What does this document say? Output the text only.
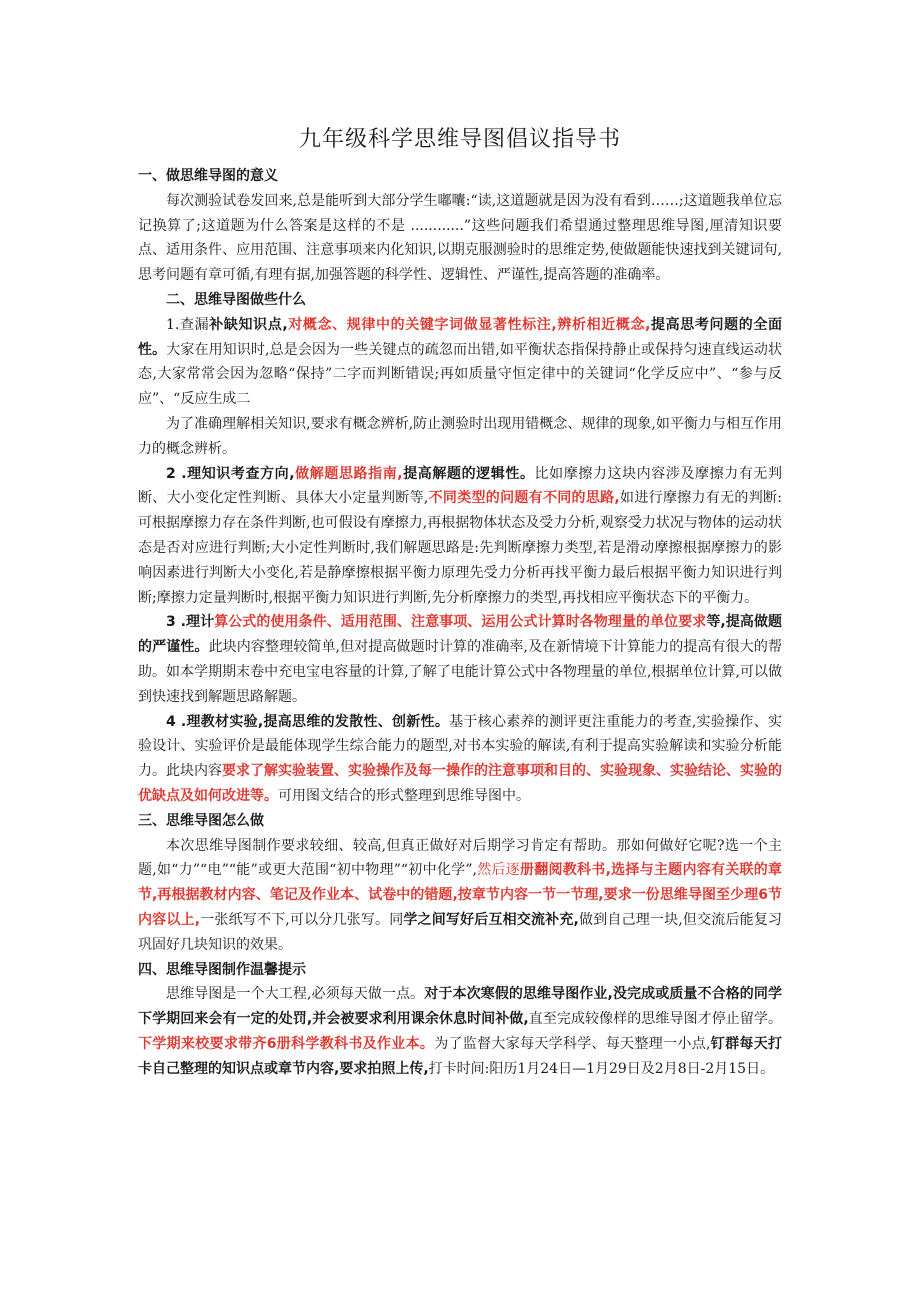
九年级科学思维导图倡议指导书
一、做思维导图的意义

每次测验试卷发回来,总是能听到大部分学生嘟囔:“读,这道题就是因为没有看到……;这道题我单位忘记换算了;这道题为什么答案是这样的不是 ............”这些问题我们希望通过整理思维导图,厘清知识要点、适用条件、应用范围、注意事项来内化知识,以期克服测验时的思维定势,使做题能快速找到关键词句,思考问题有章可循,有理有据,加强答题的科学性、逻辑性、严谨性,提高答题的准确率。

二、思维导图做些什么

1.查漏补缺知识点,对概念、规律中的关键字词做显著性标注,辨析相近概念,提高思考问题的全面性。大家在用知识时,总是会因为一些关键点的疏忽而出错,如平衡状态指保持静止或保持匀速直线运动状态,大家常常会因为忽略“保持”二字而判断错误;再如质量守恒定律中的关键词“化学反应中”、“参与反应”、“反应生成二

为了准确理解相关知识,要求有概念辨析,防止测验时出现用错概念、规律的现象,如平衡力与相互作用力的概念辨析。

2 .理知识考查方向,做解题思路指南,提高解题的逻辑性。比如摩擦力这块内容涉及摩擦力有无判断、大小变化定性判断、具体大小定量判断等,不同类型的问题有不同的思路,如进行摩擦力有无的判断:可根据摩擦力存在条件判断,也可假设有摩擦力,再根据物体状态及受力分析,观察受力状况与物体的运动状态是否对应进行判断;大小定性判断时,我们解题思路是:先判断摩擦力类型,若是滑动摩擦根据摩擦力的影响因素进行判断大小变化,若是静摩擦根据平衡力原理先受力分析再找平衡力最后根据平衡力知识进行判断;摩擦力定量判断时,根据平衡力知识进行判断,先分析摩擦力的类型,再找相应平衡状态下的平衡力。

3 .理计算公式的使用条件、适用范围、注意事项、运用公式计算时各物理量的单位要求等,提高做题的严谨性。此块内容整理较简单,但对提高做题时计算的准确率,及在新情境下计算能力的提高有很大的帮助。如本学期期末卷中充电宝电容量的计算,了解了电能计算公式中各物理量的单位,根据单位计算,可以做到快速找到解题思路解题。

4 .理教材实验,提高思维的发散性、创新性。基于核心素养的测评更注重能力的考查,实验操作、实验设计、实验评价是最能体现学生综合能力的题型,对书本实验的解读,有利于提高实验解读和实验分析能力。此块内容要求了解实验装置、实验操作及每一操作的注意事项和目的、实验现象、实验结论、实验的优缺点及如何改进等。可用图文结合的形式整理到思维导图中。

三、思维导图怎么做

本次思维导图制作要求较细、较高,但真正做好对后期学习肯定有帮助。那如何做好它呢?选一个主题,如“力”“电”“能”或更大范围“初中物理”“初中化学”,然后逐册翻阅教科书,选择与主题内容有关联的章节,再根据教材内容、笔记及作业本、试卷中的错题,按章节内容一节一节理,要求一份思维导图至少理6节内容以上,一张纸写不下,可以分几张写。同学之间写好后互相交流补充,做到自己理一块,但交流后能复习巩固好几块知识的效果。

四、思维导图制作温馨提示

思维导图是一个大工程,必须每天做一点。对于本次寒假的思维导图作业,没完成或质量不合格的同学下学期回来会有一定的处罚,并会被要求利用课余休息时间补做,直至完成较像样的思维导图才停止留学。下学期来校要求带齐6册科学教科书及作业本。为了监督大家每天学科学、每天整理一小点,钉群每天打卡自己整理的知识点或章节内容,要求拍照上传,打卡时间:阳历1月24日—1月29日及2月8日-2月15日。
